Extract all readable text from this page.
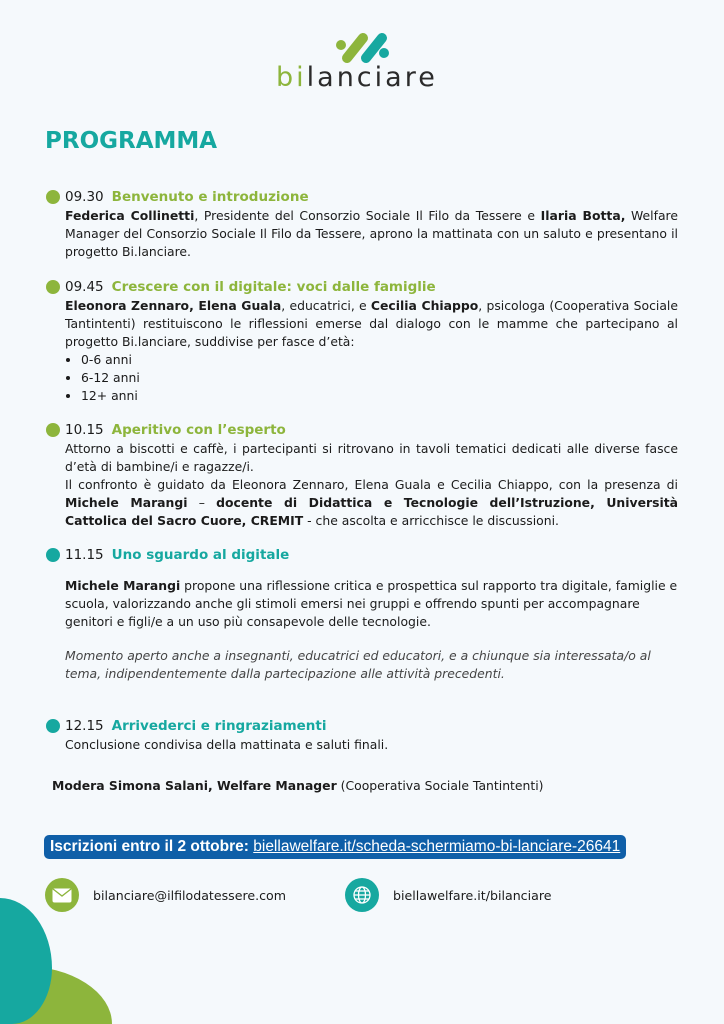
bilanciare
PROGRAMMA
09.30 Benvenuto e introduzione

Federica Collinetti, Presidente del Consorzio Sociale Il Filo da Tessere e Ilaria Botta, Welfare Manager del Consorzio Sociale Il Filo da Tessere, aprono la mattinata con un saluto e presentano il progetto Bi.lanciare.

09.45 Crescere con il digitale: voci dalle famiglie

Eleonora Zennaro, Elena Guala, educatrici, e Cecilia Chiappo, psicologa (Cooperativa Sociale Tantintenti) restituiscono le riflessioni emerse dal dialogo con le mamme che partecipano al progetto Bi.lanciare, suddivise per fasce d’età:

• 0-6 anni
• 6-12 anni
• 12+ anni
10.15 Aperitivo con l’esperto

Attorno a biscotti e caffè, i partecipanti si ritrovano in tavoli tematici dedicati alle diverse fasce d’età di bambine/i e ragazze/i.

Il confronto è guidato da Eleonora Zennaro, Elena Guala e Cecilia Chiappo, con la presenza di Michele Marangi – docente di Didattica e Tecnologie dell’Istruzione, Università Cattolica del Sacro Cuore, CREMIT - che ascolta e arricchisce le discussioni.

11.15 Uno sguardo al digitale

Michele Marangi propone una riflessione critica e prospettica sul rapporto tra digitale, famiglie e scuola, valorizzando anche gli stimoli emersi nei gruppi e offrendo spunti per accompagnare genitori e figli/e a un uso più consapevole delle tecnologie.

Momento aperto anche a insegnanti, educatrici ed educatori, e a chiunque sia interessata/o al tema, indipendentemente dalla partecipazione alle attività precedenti.

12.15 Arrivederci e ringraziamenti

Conclusione condivisa della mattinata e saluti finali.

Modera Simona Salani, Welfare Manager (Cooperativa Sociale Tantintenti)
Iscrizioni entro il 2 ottobre: biellawelfare.it/scheda-schermiamo-bi-lanciare-26641
bilanciare@ilfilodatessere.com	biellawelfare.it/bilanciare
